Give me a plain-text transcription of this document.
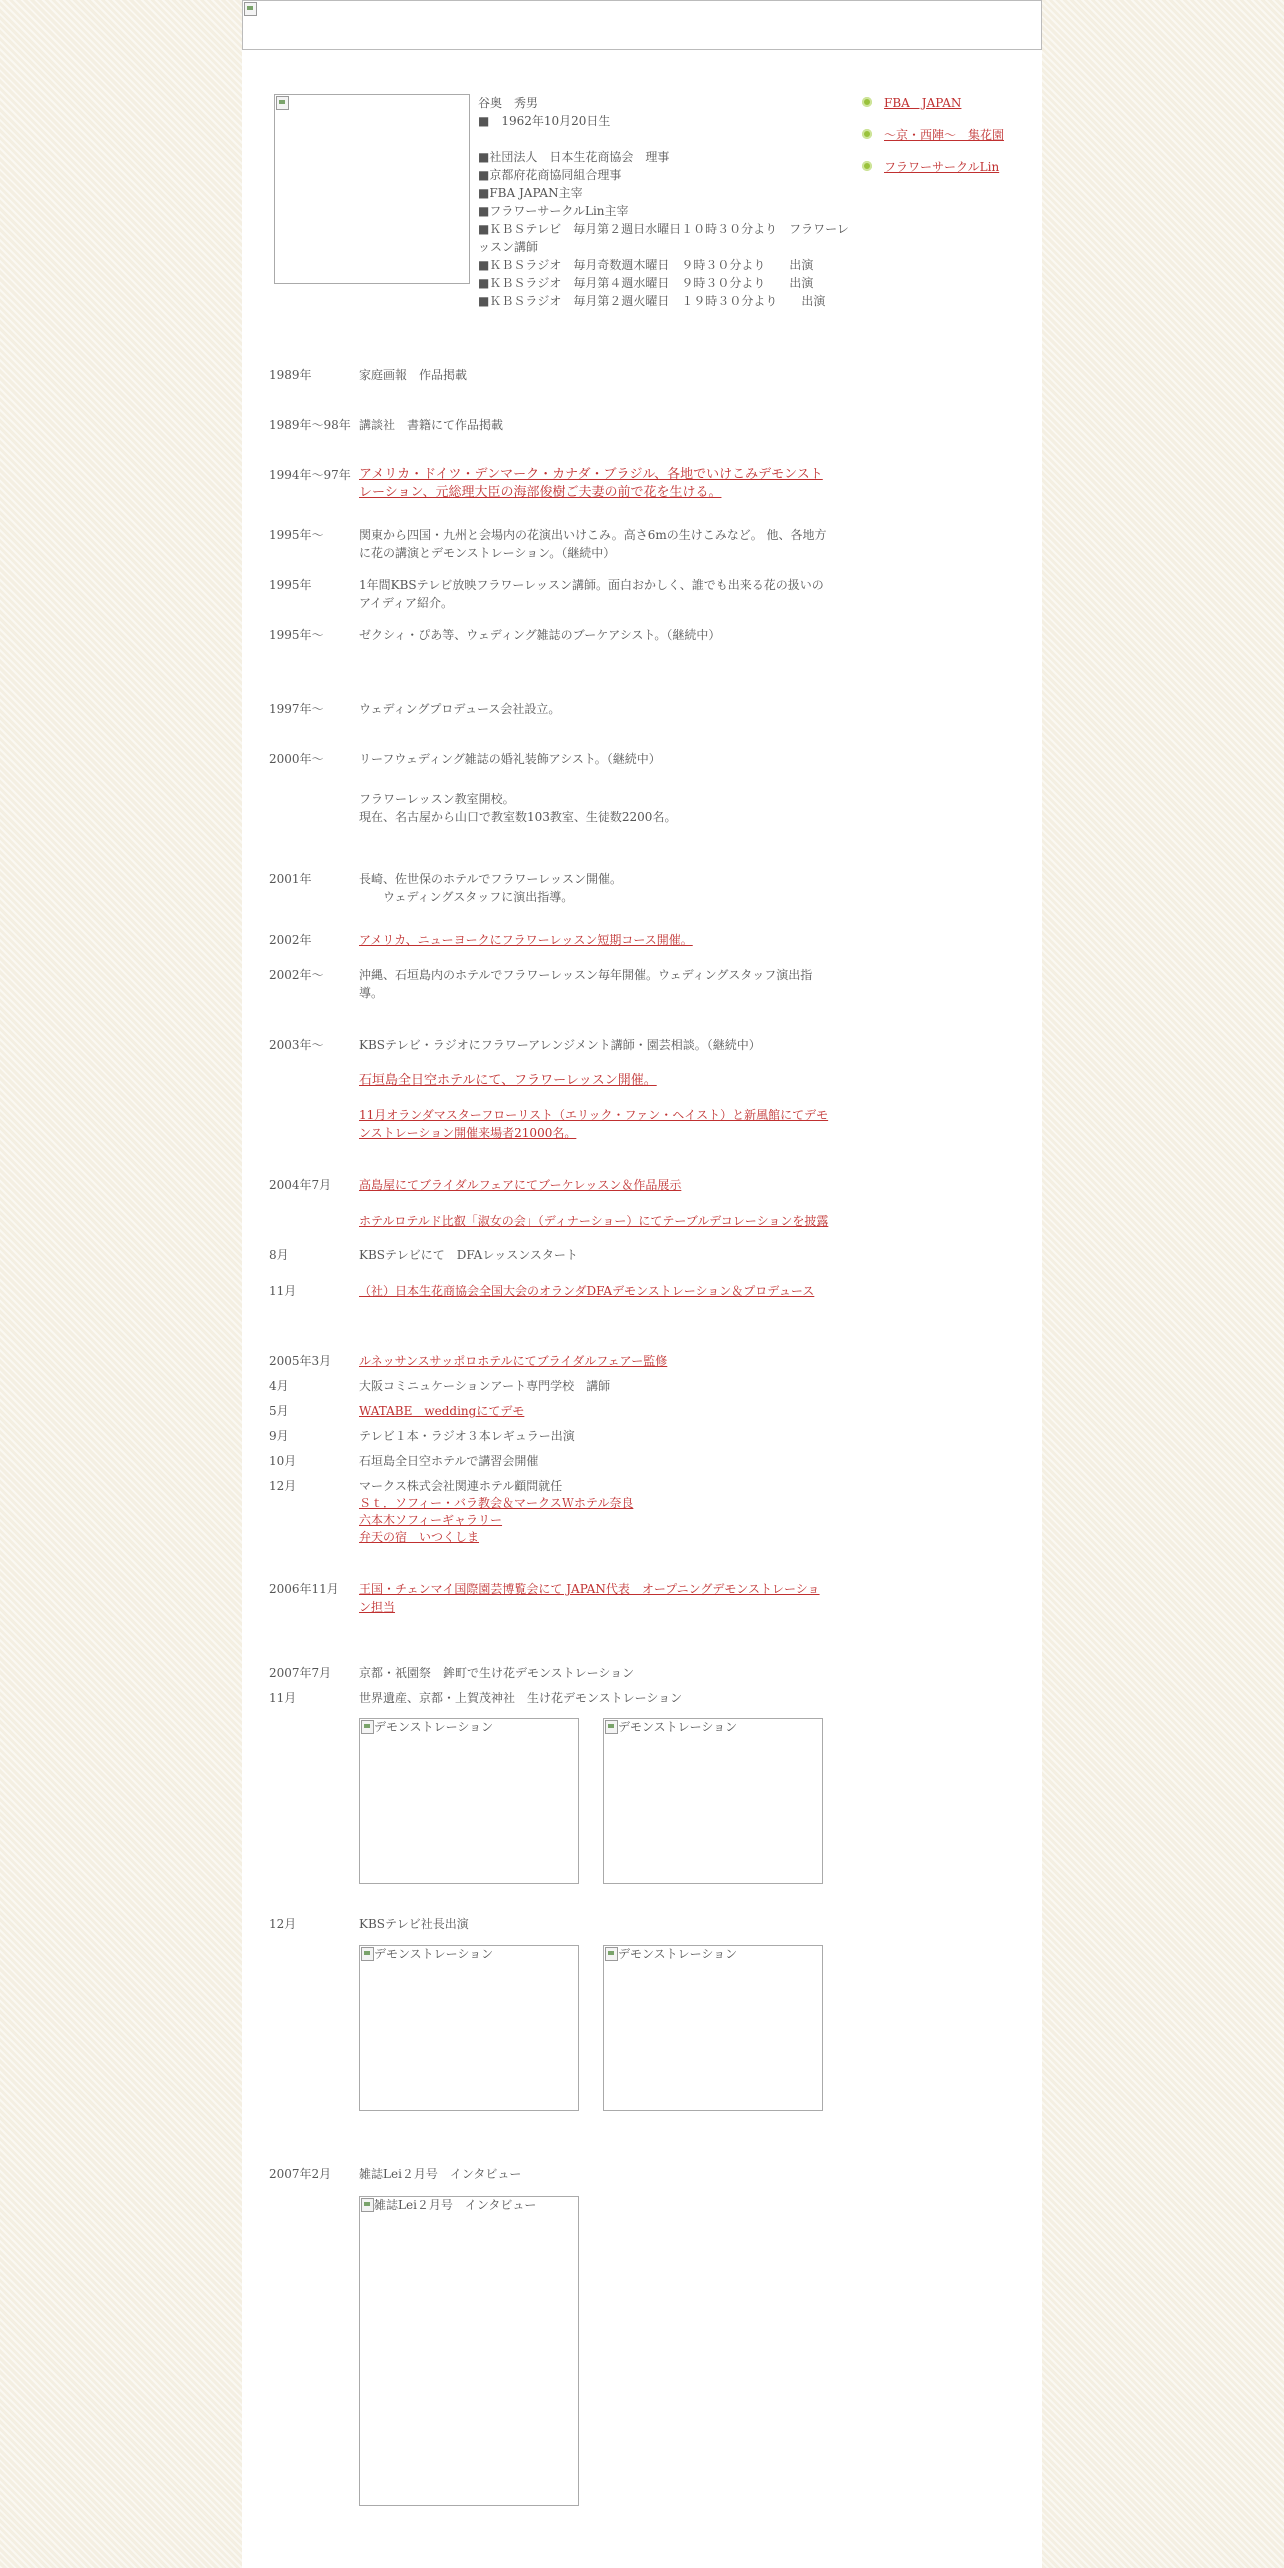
谷奥　秀男
■　1962年10月20日生
■社団法人　日本生花商協会　理事
■京都府花商協同組合理事
■FBA JAPAN主宰
■フラワーサークルLin主宰
■ＫＢＳテレビ　毎月第２週日水曜日１０時３０分より　フラワーレッスン講師
■ＫＢＳラジオ　毎月奇数週木曜日　９時３０分より　　出演
■ＫＢＳラジオ　毎月第４週水曜日　９時３０分より　　出演
■ＫＢＳラジオ　毎月第２週火曜日　１９時３０分より　　出演
FBA　JAPAN
～京・西陣～　集花園
フラワーサークルLin
1989年	家庭画報　作品掲載
1989年～98年 講談社　書籍にて作品掲載
1994年～97年 アメリカ・ドイツ・デンマーク・カナダ・ブラジル、各地でいけこみデモンストレーション、元総理大臣の海部俊樹ご夫妻の前で花を生ける。
1995年～	関東から四国・九州と会場内の花演出いけこみ。高さ6mの生けこみなど。 他、各地方に花の講演とデモンストレーション。（継続中）
1995年	1年間KBSテレビ放映フラワーレッスン講師。面白おかしく、誰でも出来る花の扱いのアイディア紹介。
1995年～	ゼクシィ・ぴあ等、ウェディング雑誌のブーケアシスト。（継続中）
1997年～	ウェディングプロデュース会社設立。
2000年～	リーフウェディング雑誌の婚礼装飾アシスト。（継続中）
フラワーレッスン教室開校。
現在、名古屋から山口で教室数103教室、生徒数2200名。
2001年	長崎、佐世保のホテルでフラワーレッスン開催。
　　ウェディングスタッフに演出指導。
2002年	アメリカ、ニューヨークにフラワーレッスン短期コース開催。
2002年～	沖縄、石垣島内のホテルでフラワーレッスン毎年開催。ウェディングスタッフ演出指導。
2003年～	KBSテレビ・ラジオにフラワーアレンジメント講師・園芸相談。（継続中）
石垣島全日空ホテルにて、フラワーレッスン開催。
11月オランダマスターフローリスト（エリック・ファン・ヘイスト）と新風館にてデモンストレーション開催来場者21000名。
2004年7月	高島屋にてブライダルフェアにてブーケレッスン＆作品展示
ホテルロテルド比叡「淑女の会」（ディナーショー）にてテーブルデコレーションを披露
8月	KBSテレビにて　DFAレッスンスタート
11月	（社）日本生花商協会全国大会のオランダDFAデモンストレーション＆プロデュース
2005年3月	ルネッサンスサッポロホテルにてブライダルフェアー監修
4月	大阪コミニュケーションアート専門学校　講師
5月	WATABE　weddingにてデモ
9月	テレビ１本・ラジオ３本レギュラー出演
10月	石垣島全日空ホテルで講習会開催
12月	マークス株式会社関連ホテル顧問就任
Ｓｔ．ソフィー・バラ教会＆マークスＷホテル奈良
六本木ソフィーギャラリー
弁天の宿　いつくしま
2006年11月	王国・チェンマイ国際園芸博覧会にて JAPAN代表　オープニングデモンストレーション担当
2007年7月	京都・祇園祭　鉾町で生け花デモンストレーション
11月	世界遺産、京都・上賀茂神社　生け花デモンストレーション
デモンストレーション	デモンストレーション
12月	KBSテレビ社長出演
デモンストレーション	デモンストレーション
2007年2月	雑誌Lei２月号　インタビュー
雑誌Lei２月号　インタビュー
